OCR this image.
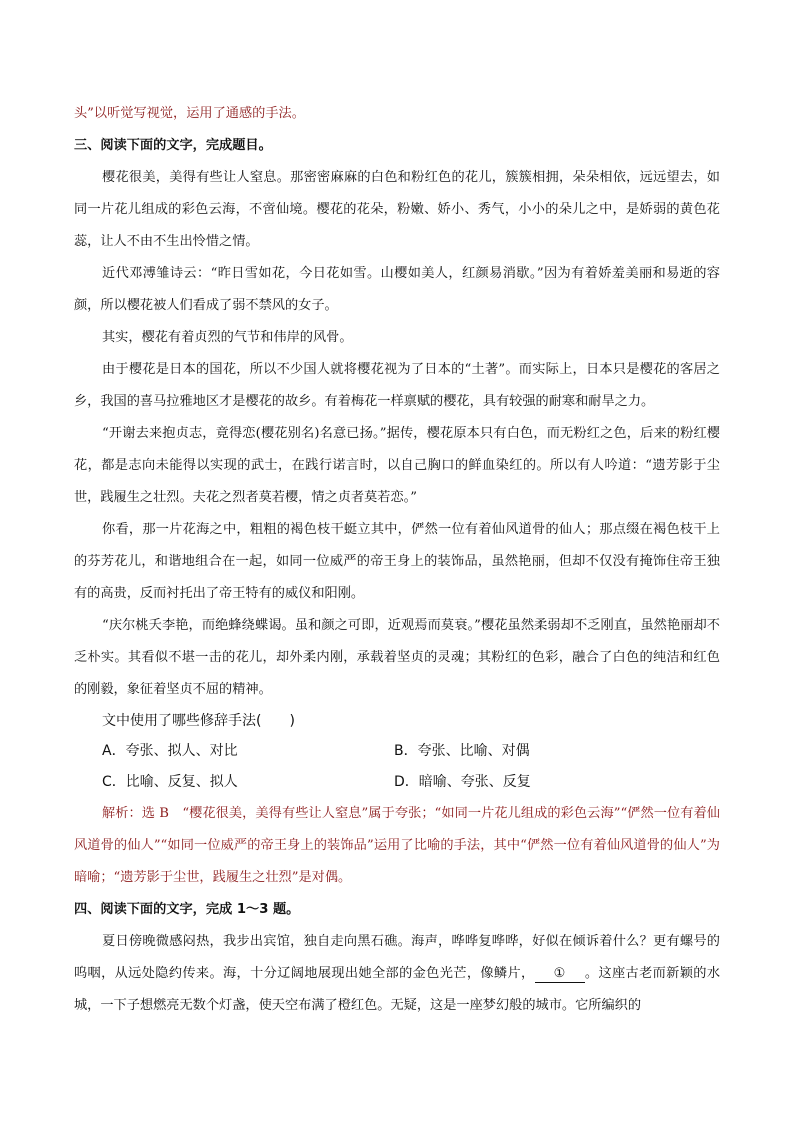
头”以听觉写视觉，运用了通感的手法。

三、阅读下面的文字，完成题目。

樱花很美，美得有些让人窒息。那密密麻麻的白色和粉红色的花儿，簇簇相拥，朵朵相依，远远望去，如同一片花儿组成的彩色云海，不啻仙境。樱花的花朵，粉嫩、娇小、秀气，小小的朵儿之中，是娇弱的黄色花蕊，让人不由不生出怜惜之情。

近代邓溥雏诗云：“昨日雪如花，今日花如雪。山樱如美人，红颜易消歇。”因为有着娇羞美丽和易逝的容颜，所以樱花被人们看成了弱不禁风的女子。

其实，樱花有着贞烈的气节和伟岸的风骨。

由于樱花是日本的国花，所以不少国人就将樱花视为了日本的“土著”。而实际上，日本只是樱花的客居之乡，我国的喜马拉雅地区才是樱花的故乡。有着梅花一样禀赋的樱花，具有较强的耐寒和耐旱之力。

“开谢去来抱贞志，竟得恋(樱花别名)名意已扬。”据传，樱花原本只有白色，而无粉红之色，后来的粉红樱花，都是志向未能得以实现的武士，在践行诺言时，以自己胸口的鲜血染红的。所以有人吟道：“遗芳影于尘世，践履生之壮烈。夫花之烈者莫若樱，情之贞者莫若恋。”

你看，那一片花海之中，粗粗的褐色枝干蜓立其中，俨然一位有着仙风道骨的仙人；那点缀在褐色枝干上的芬芳花儿，和谐地组合在一起，如同一位威严的帝王身上的装饰品，虽然艳丽，但却不仅没有掩饰住帝王独有的高贵，反而衬托出了帝王特有的威仪和阳刚。

“庆尔桃夭李艳，而绝蜂绕蝶谒。虽和颜之可即，近观焉而莫衰。”樱花虽然柔弱却不乏刚直，虽然艳丽却不乏朴实。其看似不堪一击的花儿，却外柔内刚，承载着坚贞的灵魂；其粉红的色彩，融合了白色的纯洁和红色的刚毅，象征着坚贞不屈的精神。

文中使用了哪些修辞手法(　　)

A．夸张、拟人、对比	B．夸张、比喻、对偶
C．比喻、反复、拟人	D．暗喻、夸张、反复

解析：选 B　“樱花很美，美得有些让人窒息”属于夸张；“如同一片花儿组成的彩色云海”“俨然一位有着仙风道骨的仙人”“如同一位威严的帝王身上的装饰品”运用了比喻的手法，其中“俨然一位有着仙风道骨的仙人”为暗喻；“遗芳影于尘世，践履生之壮烈”是对偶。

四、阅读下面的文字，完成 1～3 题。

夏日傍晚微感闷热，我步出宾馆，独自走向黑石礁。海声，哗哗复哗哗，好似在倾诉着什么？更有螺号的呜咽，从远处隐约传来。海，十分辽阔地展现出她全部的金色光芒，像鳞片， ① 。这座古老而新颖的水城，一下子想燃亮无数个灯盏，使天空布满了橙红色。无疑，这是一座梦幻般的城市。它所编织的
